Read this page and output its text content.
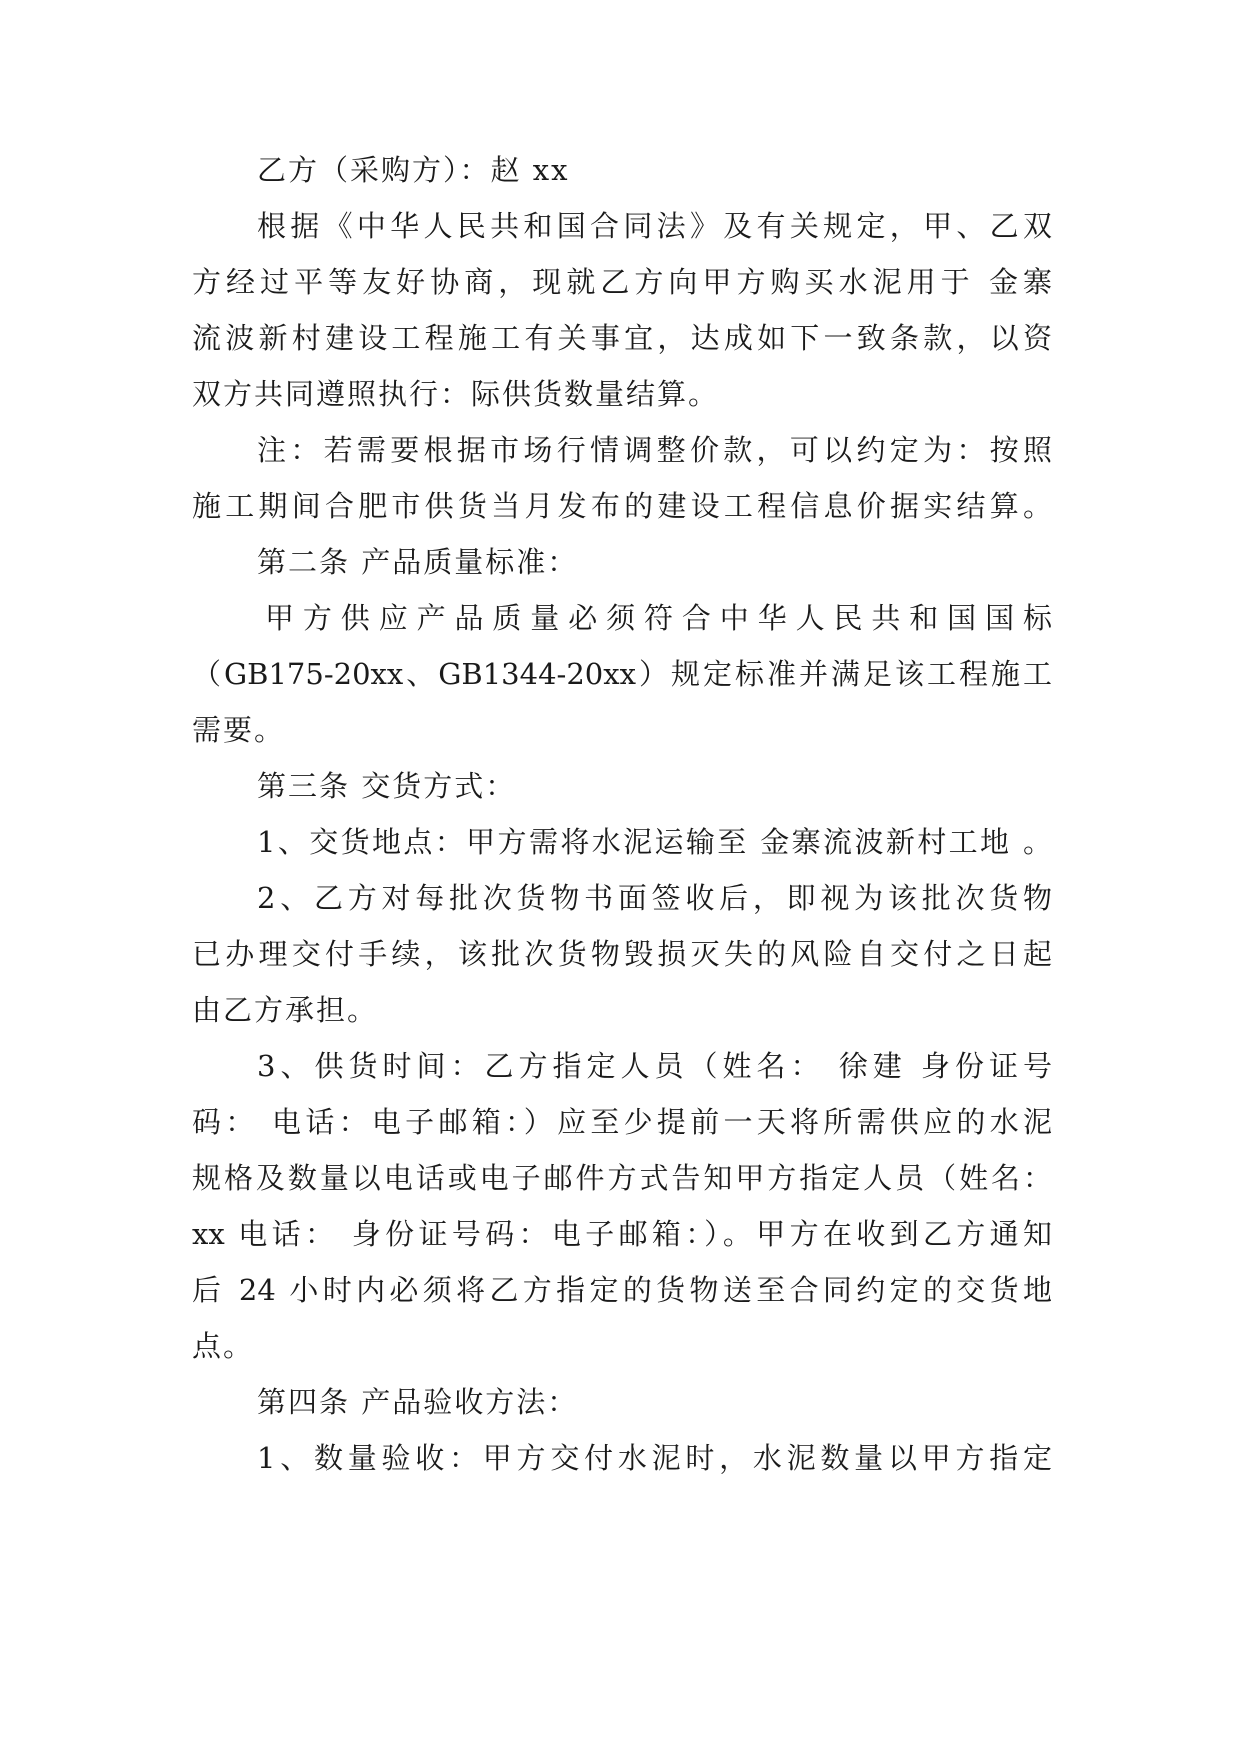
乙方（采购方）：赵 xx
根据《中华人民共和国合同法》及有关规定，甲、乙双
方经过平等友好协商，现就乙方向甲方购买水泥用于 金寨
流波新村建设工程施工有关事宜，达成如下一致条款，以资
双方共同遵照执行：际供货数量结算。
注：若需要根据市场行情调整价款，可以约定为：按照
施工期间合肥市供货当月发布的建设工程信息价据实结算。
第二条 产品质量标准：
甲方供应产品质量必须符合中华人民共和国国标
（GB175-20xx、GB1344-20xx）规定标准并满足该工程施工
需要。
第三条 交货方式：
1、交货地点：甲方需将水泥运输至 金寨流波新村工地 。
2、乙方对每批次货物书面签收后，即视为该批次货物
已办理交付手续，该批次货物毁损灭失的风险自交付之日起
由乙方承担。
3、供货时间：乙方指定人员（姓名： 徐建 身份证号
码： 电话：电子邮箱：）应至少提前一天将所需供应的水泥
规格及数量以电话或电子邮件方式告知甲方指定人员（姓名：
xx 电话： 身份证号码：电子邮箱：）。甲方在收到乙方通知
后 24 小时内必须将乙方指定的货物送至合同约定的交货地
点。
第四条 产品验收方法：
1、数量验收：甲方交付水泥时，水泥数量以甲方指定
